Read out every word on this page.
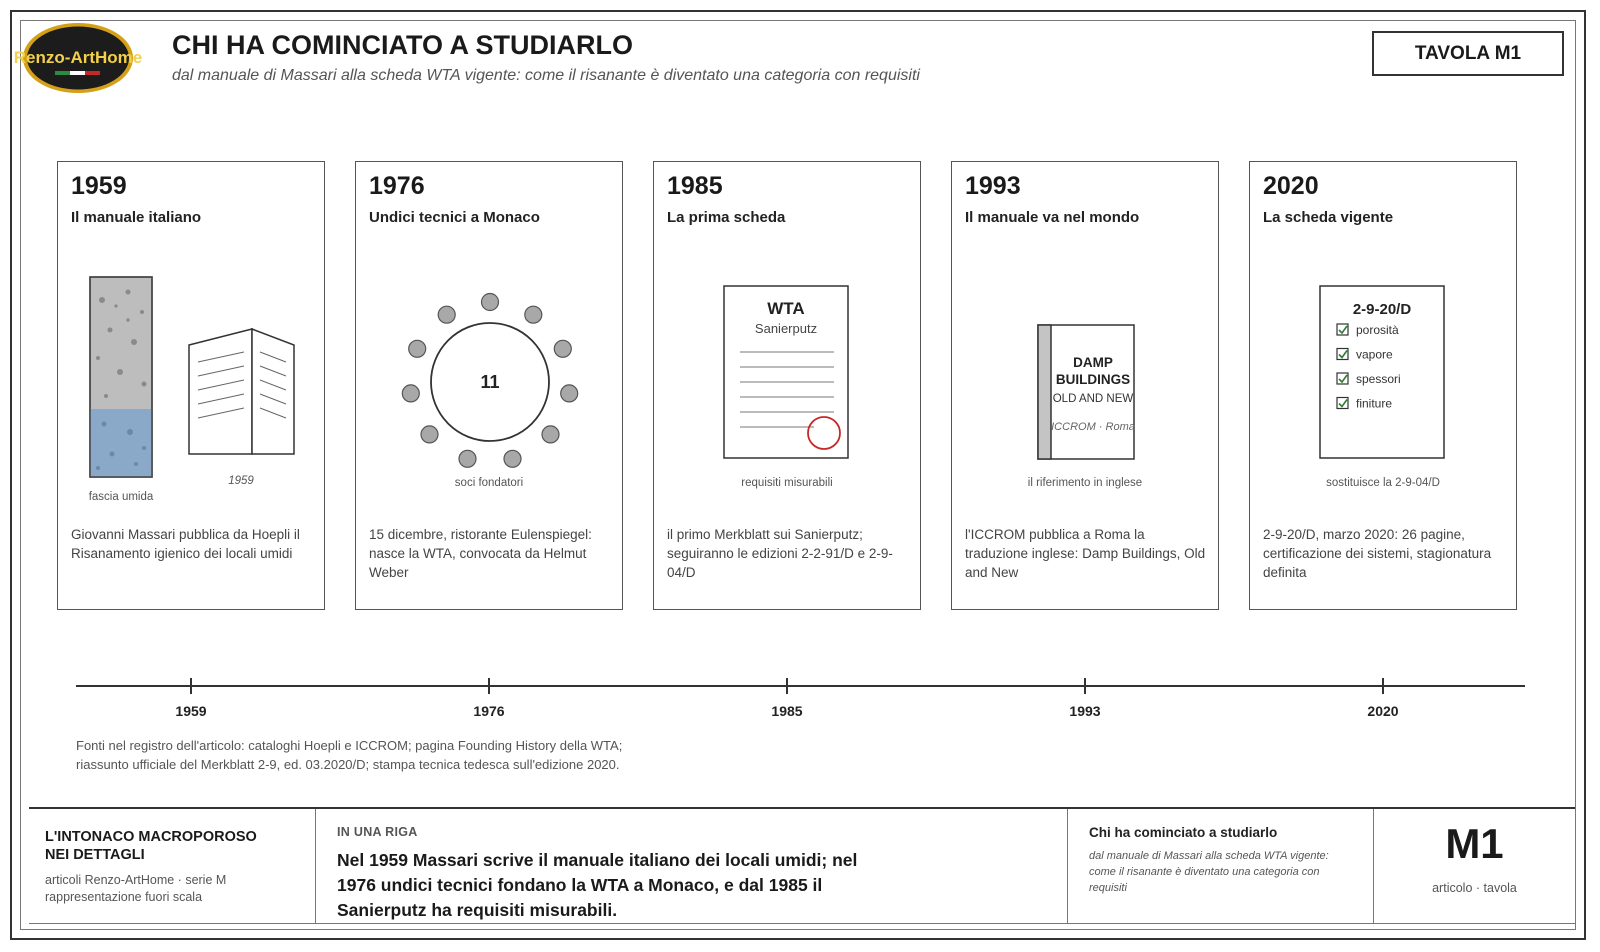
Renzo-ArtHome CHI HA COMINCIATO A STUDIARLO
dal manuale di Massari alla scheda WTA vigente: come il risanante è diventato una categoria con requisiti
TAVOLA M1
1959
Il manuale italiano
fascia umida
1959
Giovanni Massari pubblica da Hoepli il Risanamento igienico dei locali umidi
1976
Undici tecnici a Monaco
11
soci fondatori
15 dicembre, ristorante Eulenspiegel: nasce la WTA, convocata da Helmut Weber
1985
La prima scheda
WTA
Sanierputz
requisiti misurabili
il primo Merkblatt sui Sanierputz; seguiranno le edizioni 2-2-91/D e 2-9-04/D
1993
Il manuale va nel mondo
DAMP
BUILDINGS
OLD AND NEW
ICCROM · Roma
il riferimento in inglese
l'ICCROM pubblica a Roma la traduzione inglese: Damp Buildings, Old and New
2020
La scheda vigente
2-9-20/D
porosità
vapore
spessori
finiture
sostituisce la 2-9-04/D
2-9-20/D, marzo 2020: 26 pagine, certificazione dei sistemi, stagionatura definita
1959	1976	1985	1993	2020
Fonti nel registro dell'articolo: cataloghi Hoepli e ICCROM; pagina Founding History della WTA;
riassunto ufficiale del Merkblatt 2-9, ed. 03.2020/D; stampa tecnica tedesca sull'edizione 2020.
L'INTONACO MACROPOROSO
NEI DETTAGLI
articoli Renzo-ArtHome · serie M
rappresentazione fuori scala
IN UNA RIGA
Nel 1959 Massari scrive il manuale italiano dei locali umidi; nel 1976 undici tecnici fondano la WTA a Monaco, e dal 1985 il Sanierputz ha requisiti misurabili.
Chi ha cominciato a studiarlo
dal manuale di Massari alla scheda WTA vigente: come il risanante è diventato una categoria con requisiti
M1
articolo · tavola
